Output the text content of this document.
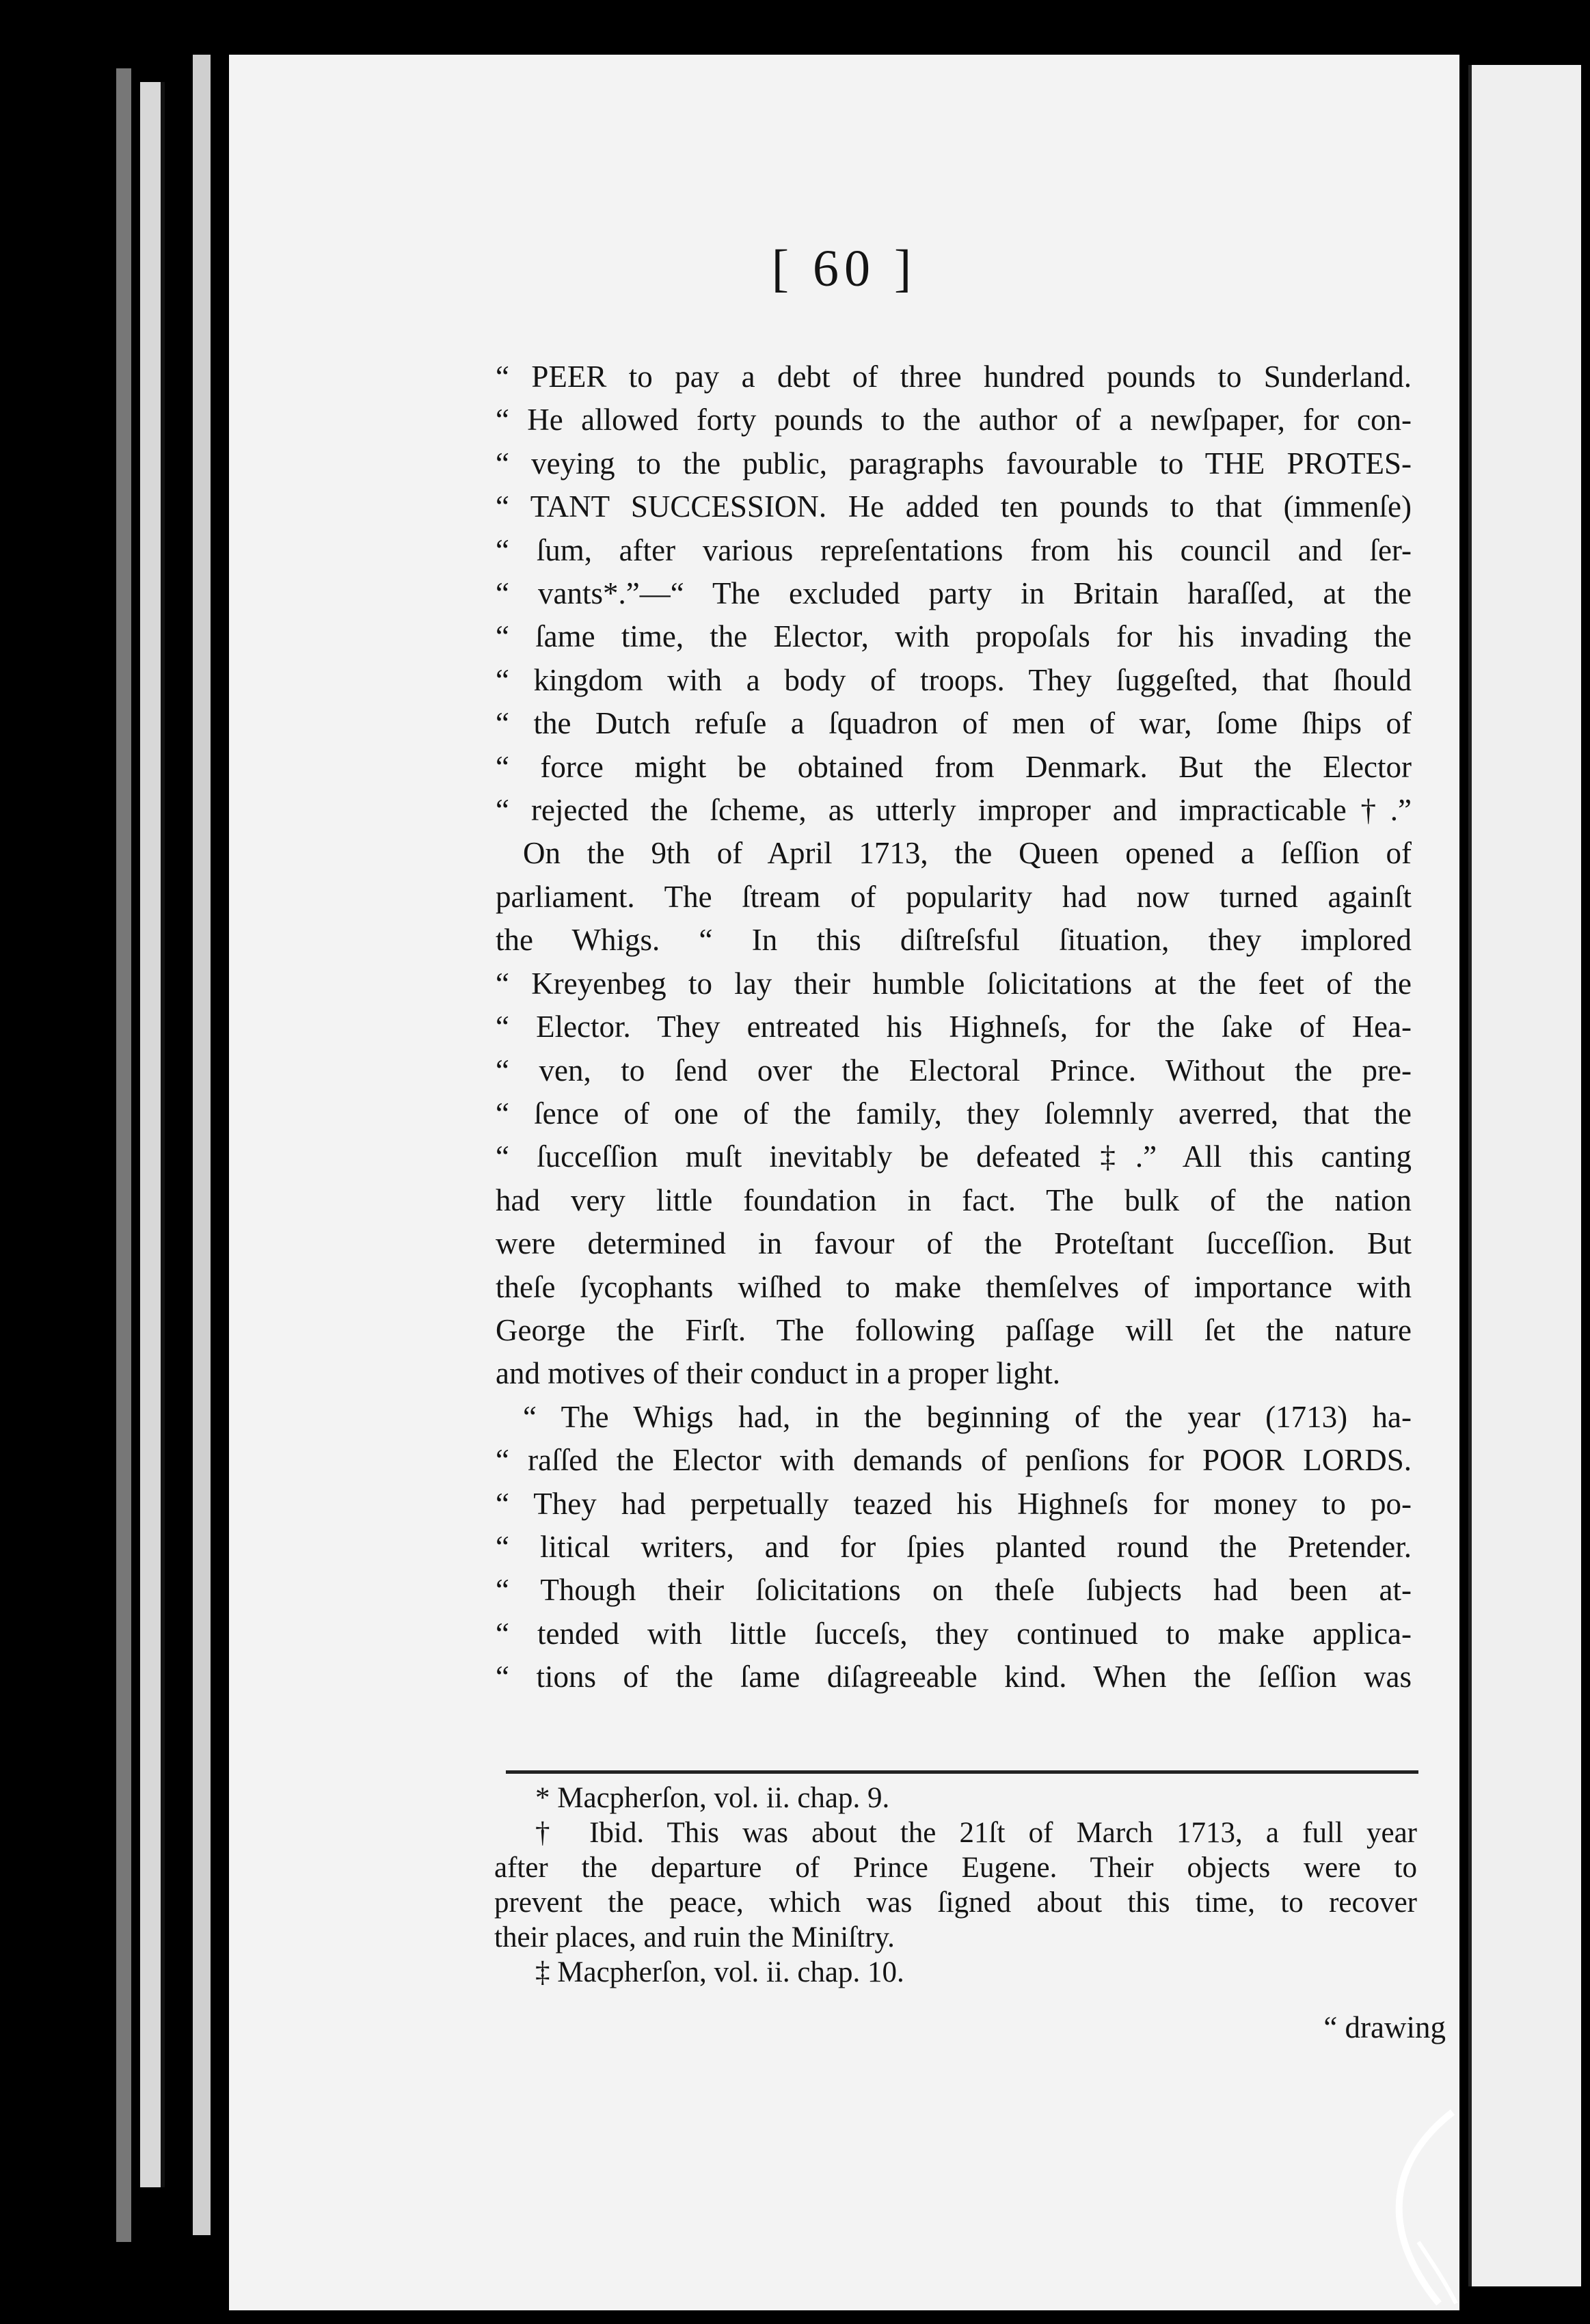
[ 60 ]
“ PEER to pay a debt of three hundred pounds to Sunderland.
“ He allowed forty pounds to the author of a newſpaper, for con-
“ veying to the public, paragraphs favourable to THE PROTES-
“ TANT SUCCESSION. He added ten pounds to that (immenſe)
“ ſum, after various repreſentations from his council and ſer-
“ vants*.”—“ The excluded party in Britain haraſſed, at the
“ ſame time, the Elector, with propoſals for his invading the
“ kingdom with a body of troops. They ſuggeſted, that ſhould
“ the Dutch refuſe a ſquadron of men of war, ſome ſhips of
“ force might be obtained from Denmark. But the Elector
“ rejected the ſcheme, as utterly improper and impracticable†.”
On the 9th of April 1713, the Queen opened a ſeſſion of
parliament. The ſtream of popularity had now turned againſt
the Whigs. “ In this diſtreſsful ſituation, they implored
“ Kreyenbeg to lay their humble ſolicitations at the feet of the
“ Elector. They entreated his Highneſs, for the ſake of Hea-
“ ven, to ſend over the Electoral Prince. Without the pre-
“ ſence of one of the family, they ſolemnly averred, that the
“ ſucceſſion muſt inevitably be defeated‡.” All this canting
had very little foundation in fact. The bulk of the nation
were determined in favour of the Proteſtant ſucceſſion. But
theſe ſycophants wiſhed to make themſelves of importance with
George the Firſt. The following paſſage will ſet the nature
and motives of their conduct in a proper light.
“ The Whigs had, in the beginning of the year (1713) ha-
“ raſſed the Elector with demands of penſions for POOR LORDS.
“ They had perpetually teazed his Highneſs for money to po-
“ litical writers, and for ſpies planted round the Pretender.
“ Though their ſolicitations on theſe ſubjects had been at-
“ tended with little ſucceſs, they continued to make applica-
“ tions of the ſame diſagreeable kind. When the ſeſſion was
* Macpherſon, vol. ii. chap. 9.
† Ibid. This was about the 21ſt of March 1713, a full year
after the departure of Prince Eugene. Their objects were to
prevent the peace, which was ſigned about this time, to recover
their places, and ruin the Miniſtry.
‡ Macpherſon, vol. ii. chap. 10.
“ drawing
